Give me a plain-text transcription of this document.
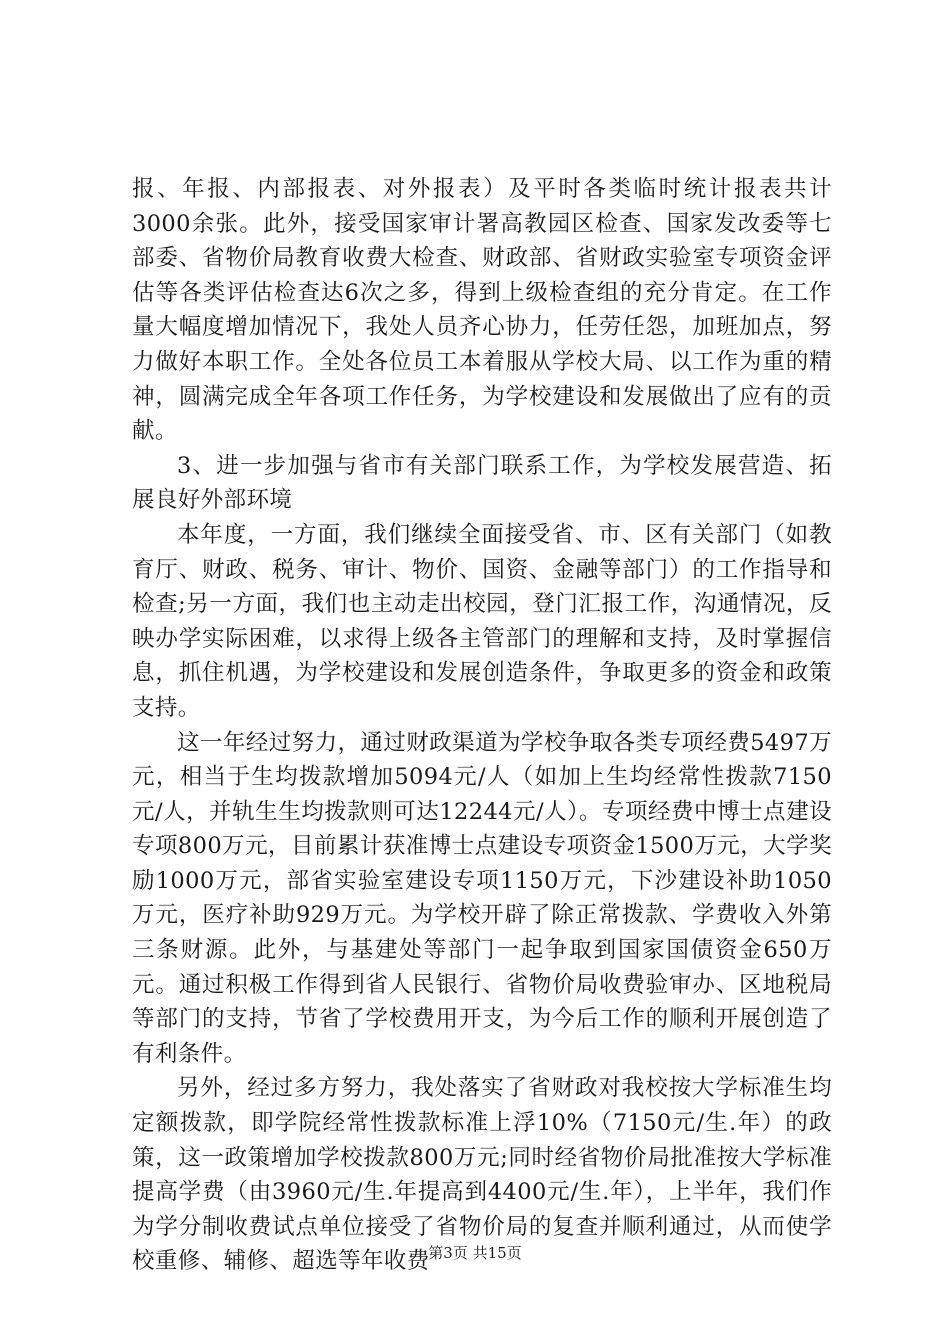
报、年报、内部报表、对外报表）及平时各类临时统计报表共计3000余张。此外，接受国家审计署高教园区检查、国家发改委等七部委、省物价局教育收费大检查、财政部、省财政实验室专项资金评估等各类评估检查达6次之多，得到上级检查组的充分肯定。在工作量大幅度增加情况下，我处人员齐心协力，任劳任怨，加班加点，努力做好本职工作。全处各位员工本着服从学校大局、以工作为重的精神，圆满完成全年各项工作任务，为学校建设和发展做出了应有的贡献。

3、进一步加强与省市有关部门联系工作，为学校发展营造、拓展良好外部环境

本年度，一方面，我们继续全面接受省、市、区有关部门（如教育厅、财政、税务、审计、物价、国资、金融等部门）的工作指导和检查;另一方面，我们也主动走出校园，登门汇报工作，沟通情况，反映办学实际困难，以求得上级各主管部门的理解和支持，及时掌握信息，抓住机遇，为学校建设和发展创造条件，争取更多的资金和政策支持。

这一年经过努力，通过财政渠道为学校争取各类专项经费5497万元，相当于生均拨款增加5094元/人（如加上生均经常性拨款7150元/人，并轨生生均拨款则可达12244元/人）。专项经费中博士点建设专项800万元，目前累计获准博士点建设专项资金1500万元，大学奖励1000万元，部省实验室建设专项1150万元，下沙建设补助1050万元，医疗补助929万元。为学校开辟了除正常拨款、学费收入外第三条财源。此外，与基建处等部门一起争取到国家国债资金650万元。通过积极工作得到省人民银行、省物价局收费验审办、区地税局等部门的支持，节省了学校费用开支，为今后工作的顺利开展创造了有利条件。

另外，经过多方努力，我处落实了省财政对我校按大学标准生均定额拨款，即学院经常性拨款标准上浮10%（7150元/生.年）的政策，这一政策增加学校拨款800万元;同时经省物价局批准按大学标准提高学费（由3960元/生.年提高到4400元/生.年），上半年，我们作为学分制收费试点单位接受了省物价局的复查并顺利通过，从而使学校重修、辅修、超选等年收费

第3页 共15页
